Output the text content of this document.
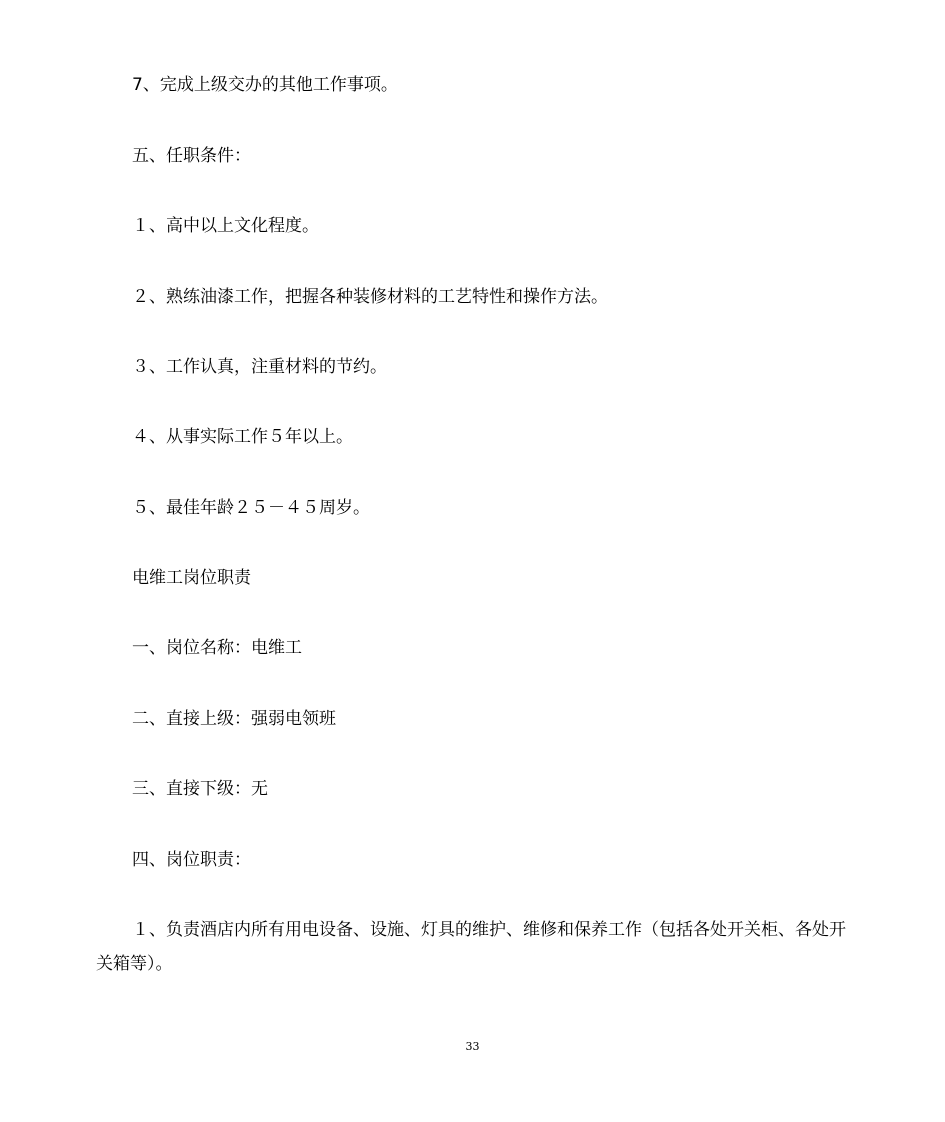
7、完成上级交办的其他工作事项。

五、任职条件：

１、高中以上文化程度。

２、熟练油漆工作，把握各种装修材料的工艺特性和操作方法。

３、工作认真，注重材料的节约。

４、从事实际工作５年以上。

５、最佳年龄２５－４５周岁。

电维工岗位职责

一、岗位名称：电维工

二、直接上级：强弱电领班

三、直接下级：无

四、岗位职责：

１、负责酒店内所有用电设备、设施、灯具的维护、维修和保养工作（包括各处开关柜、各处开关箱等）。

33
